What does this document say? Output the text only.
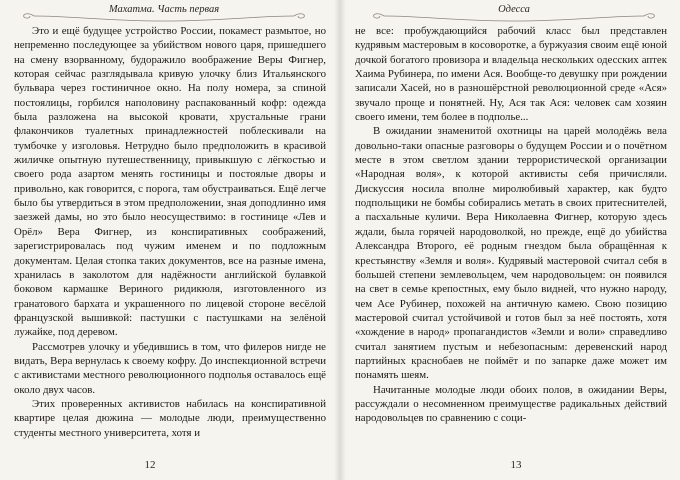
Махатма. Часть первая

Это и ещё будущее устройство России, покамест размытое, но непременно последующее за убийством нового царя, пришедшего на смену взорванному, будоражило воображение Веры Фигнер, которая сейчас разглядывала кривую улочку близ Итальянского бульвара через гостиничное окно. На полу номера, за спиной постоялицы, горбился наполовину распакованный кофр: одежда была разложена на высокой кровати, хрустальные грани флакончиков туалетных принадлежностей поблескивали на тумбочке у изголовья. Нетрудно было предположить в красивой жиличке опытную путешественницу, привыкшую с лёгкостью и своего рода азартом менять гостиницы и постоялые дворы и привольно, как говорится, с порога, там обустраиваться. Ещё легче было бы утвердиться в этом предположении, зная доподлинно имя заезжей дамы, но это было неосуществимо: в гостинице «Лев и Орёл» Вера Фигнер, из конспиративных соображений, зарегистрировалась под чужим именем и по подложным документам. Целая стопка таких документов, все на разные имена, хранилась в заколотом для надёжности английской булавкой боковом кармашке Вериного ридикюля, изготовленного из гранатового бархата и украшенного по лицевой стороне весёлой французской вышивкой: пастушки с пастушками на зелёной лужайке, под деревом.

Рассмотрев улочку и убедившись в том, что филеров нигде не видать, Вера вернулась к своему кофру. До инспекционной встречи с активистами местного революционного подполья оставалось ещё около двух часов.

Этих проверенных активистов набилась на конспиративной квартире целая дюжина — молодые люди, преимущественно студенты местного университета, хотя и

12
Одесса

не все: пробуждающийся рабочий класс был представлен кудрявым мастеровым в косоворотке, а буржуазия своим ещё юной дочкой богатого провизора и владельца нескольких одесских аптек Хаима Рубинера, по имени Ася. Вообще-то девушку при рождении записали Хасей, но в разношёрстной революционной среде «Ася» звучало проще и понятней. Ну, Ася так Ася: человек сам хозяин своего имени, тем более в подполье...

В ожидании знаменитой охотницы на царей молодёжь вела довольно-таки опасные разговоры о будущем России и о почётном месте в этом светлом здании террористической организации «Народная воля», к которой активисты себя причисляли. Дискуссия носила вполне миролюбивый характер, как будто подпольщики не бомбы собирались метать в своих притеснителей, а пасхальные куличи. Вера Николаевна Фигнер, которую здесь ждали, была горячей народоволкой, но прежде, ещё до убийства Александра Второго, её родным гнездом была обращённая к крестьянству «Земля и воля». Кудрявый мастеровой считал себя в большей степени землевольцем, чем народовольцем: он появился на свет в семье крепостных, ему было видней, что нужно народу, чем Асе Рубинер, похожей на античную камею. Свою позицию мастеровой считал устойчивой и готов был за неё постоять, хотя «хождение в народ» пропагандистов «Земли и воли» справедливо считал занятием пустым и небезопасным: деревенский народ партийных краснобаев не поймёт и по запарке даже может им понамять шеям.

Начитанные молодые люди обоих полов, в ожидании Веры, рассуждали о несомненном преимуществе радикальных действий народовольцев по сравнению с соци-

13
